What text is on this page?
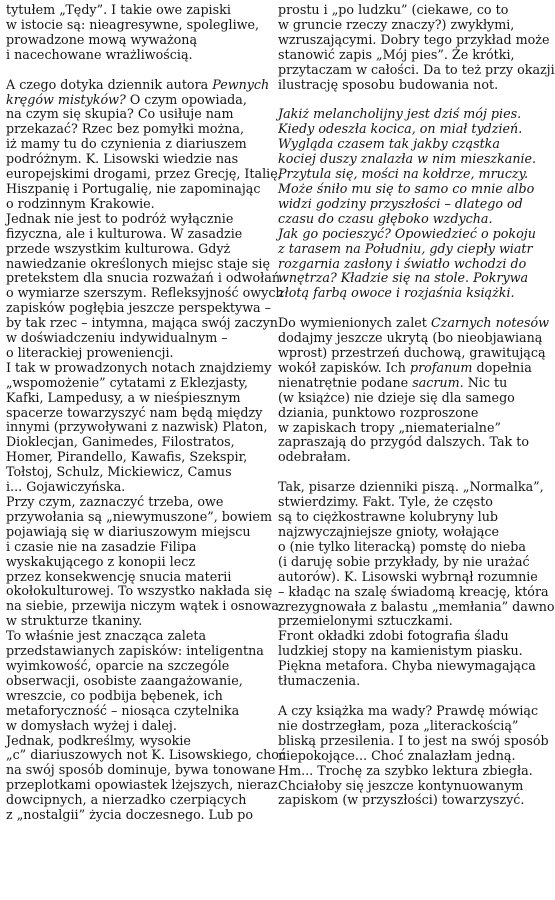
tytułem „Tędy”. I takie owe zapiski
w istocie są: nieagresywne, spolegliwe,
prowadzone mową wyważoną
i nacechowane wrażliwością.
A czego dotyka dziennik autora Pewnych
kręgów mistyków? O czym opowiada,
na czym się skupia? Co usiłuje nam
przekazać? Rzec bez pomyłki można,
iż mamy tu do czynienia z diariuszem
podróżnym. K. Lisowski wiedzie nas
europejskimi drogami, przez Grecję, Italię,
Hiszpanię i Portugalię, nie zapominając
o rodzinnym Krakowie.
Jednak nie jest to podróż wyłącznie
fizyczna, ale i kulturowa. W zasadzie
przede wszystkim kulturowa. Gdyż
nawiedzanie określonych miejsc staje się
pretekstem dla snucia rozważań i odwołań
o wymiarze szerszym. Refleksyjność owych
zapisków pogłębia jeszcze perspektywa –
by tak rzec – intymna, mająca swój zaczyn
w doświadczeniu indywidualnym –
o literackiej proweniencji.
I tak w prowadzonych notach znajdziemy
„wspomożenie” cytatami z Eklezjasty,
Kafki, Lampedusy, a w nieśpiesznym
spacerze towarzyszyć nam będą między
innymi (przywoływani z nazwisk) Platon,
Dioklecjan, Ganimedes, Filostratos,
Homer, Pirandello, Kawafis, Szekspir,
Tołstoj, Schulz, Mickiewicz, Camus
i... Gojawiczyńska.
Przy czym, zaznaczyć trzeba, owe
przywołania są „niewymuszone”, bowiem
pojawiają się w diariuszowym miejscu
i czasie nie na zasadzie Filipa
wyskakującego z konopii lecz
przez konsekwencję snucia materii
okołokulturowej. To wszystko nakłada się
na siebie, przewija niczym wątek i osnowa
w strukturze tkaniny.
To właśnie jest znacząca zaleta
przedstawianych zapisków: inteligentna
wyimkowość, oparcie na szczególe
obserwacji, osobiste zaangażowanie,
wreszcie, co podbija bębenek, ich
metaforyczność – niosąca czytelnika
w domysłach wyżej i dalej.
Jednak, podkreślmy, wysokie
„c” diariuszowych not K. Lisowskiego, choć
na swój sposób dominuje, bywa tonowane
przeplotkami opowiastek lżejszych, nieraz
dowcipnych, a nierzadko czerpiących
z „nostalgii” życia doczesnego. Lub po
prostu i „po ludzku” (ciekawe, co to
w gruncie rzeczy znaczy?) zwykłymi,
wzruszającymi. Dobry tego przykład może
stanowić zapis „Mój pies”. Że krótki,
przytaczam w całości. Da to też przy okazji
ilustrację sposobu budowania not.
Jakiż melancholijny jest dziś mój pies.
Kiedy odeszła kocica, on miał tydzień.
Wygląda czasem tak jakby cząstka
kociej duszy znalazła w nim mieszkanie.
Przytula się, mości na kołdrze, mruczy.
Może śniło mu się to samo co mnie albo
widzi godziny przyszłości – dlatego od
czasu do czasu głęboko wzdycha.
Jak go pocieszyć? Opowiedzieć o pokoju
z tarasem na Południu, gdy ciepły wiatr
rozgarnia zasłony i światło wchodzi do
wnętrza? Kładzie się na stole. Pokrywa
złotą farbą owoce i rozjaśnia książki.
Do wymienionych zalet Czarnych notesów
dodajmy jeszcze ukrytą (bo nieobjawianą
wprost) przestrzeń duchową, grawitującą
wokół zapisków. Ich profanum dopełnia
nienatrętnie podane sacrum. Nic tu
(w książce) nie dzieje się dla samego
dziania, punktowo rozproszone
w zapiskach tropy „niematerialne”
zapraszają do przygód dalszych. Tak to
odebrałam.
Tak, pisarze dzienniki piszą. „Normalka”,
stwierdzimy. Fakt. Tyle, że często
są to ciężkostrawne kolubryny lub
najzwyczajniejsze gnioty, wołające
o (nie tylko literacką) pomstę do nieba
(i daruję sobie przykłady, by nie urażać
autorów). K. Lisowski wybrnął rozumnie
– kładąc na szalę świadomą kreację, która
zrezygnowała z balastu „memłania” dawno
przemielonymi sztuczkami.
Front okładki zdobi fotografia śladu
ludzkiej stopy na kamienistym piasku.
Piękna metafora. Chyba niewymagająca
tłumaczenia.
A czy książka ma wady? Prawdę mówiąc
nie dostrzegłam, poza „literackością”
bliską przesilenia. I to jest na swój sposób
niepokojące... Choć znalazłam jedną.
Hm... Trochę za szybko lektura zbiegła.
Chciałoby się jeszcze kontynuowanym
zapiskom (w przyszłości) towarzyszyć.
